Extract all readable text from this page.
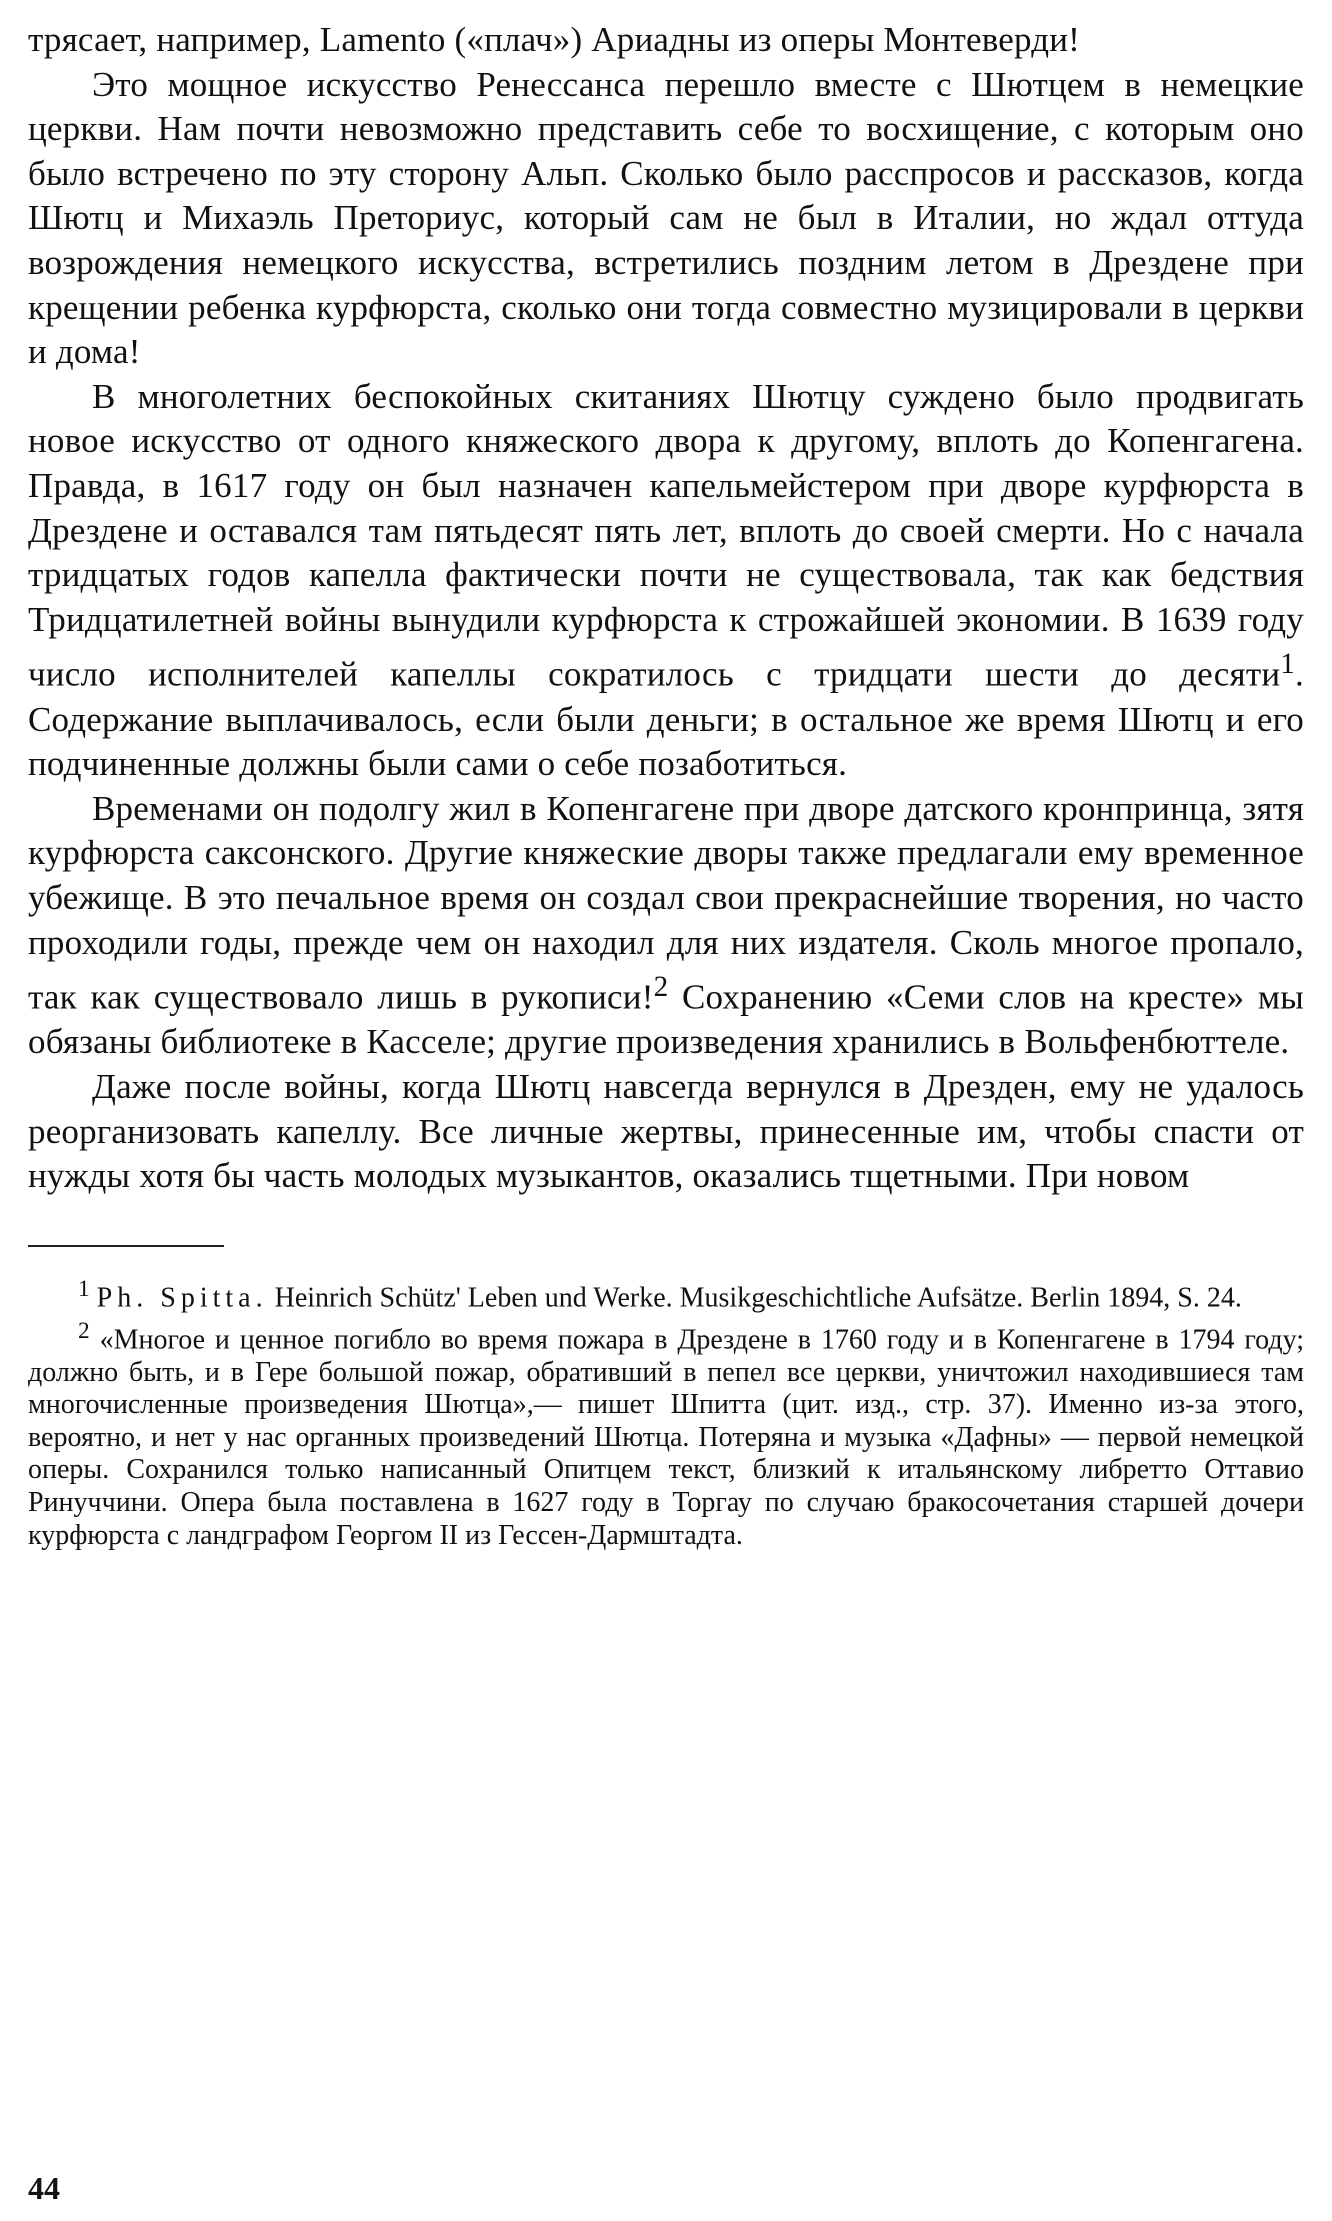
трясает, например, Lamento («плач») Ариадны из оперы Монтеверди!

Это мощное искусство Ренессанса перешло вместе с Шютцем в немецкие церкви. Нам почти невозможно представить себе то восхищение, с которым оно было встречено по эту сторону Альп. Сколько было расспросов и рассказов, когда Шютц и Михаэль Преториус, который сам не был в Италии, но ждал оттуда возрождения немецкого искусства, встретились поздним летом в Дрездене при крещении ребенка курфюрста, сколько они тогда совместно музицировали в церкви и дома!

В многолетних беспокойных скитаниях Шютцу суждено было продвигать новое искусство от одного княжеского двора к другому, вплоть до Копенгагена. Правда, в 1617 году он был назначен капельмейстером при дворе курфюрста в Дрездене и оставался там пятьдесят пять лет, вплоть до своей смерти. Но с начала тридцатых годов капелла фактически почти не существовала, так как бедствия Тридцатилетней войны вынудили курфюрста к строжайшей экономии. В 1639 году число исполнителей капеллы сократилось с тридцати шести до десяти$^1$. Содержание выплачивалось, если были деньги; в остальное же время Шютц и его подчиненные должны были сами о себе позаботиться.

Временами он подолгу жил в Копенгагене при дворе датского кронпринца, зятя курфюрста саксонского. Другие княжеские дворы также предлагали ему временное убежище. В это печальное время он создал свои прекраснейшие творения, но часто проходили годы, прежде чем он находил для них издателя. Сколь многое пропало, так как существовало лишь в рукописи!$^2$ Сохранению «Семи слов на кресте» мы обязаны библиотеке в Касселе; другие произведения хранились в Вольфенбюттеле.

Даже после войны, когда Шютц навсегда вернулся в Дрезден, ему не удалось реорганизовать капеллу. Все личные жертвы, принесенные им, чтобы спасти от нужды хотя бы часть молодых музыкантов, оказались тщетными. При новом

$^1$ Ph. Spitta. Heinrich Schütz' Leben und Werke. Musikgeschichtliche Aufsätze. Berlin 1894, S. 24.

$^2$ «Многое и ценное погибло во время пожара в Дрездене в 1760 году и в Копенгагене в 1794 году; должно быть, и в Гере большой пожар, обративший в пепел все церкви, уничтожил находившиеся там многочисленные произведения Шютца»,— пишет Шпитта (цит. изд., стр. 37). Именно из-за этого, вероятно, и нет у нас органных произведений Шютца. Потеряна и музыка «Дафны» — первой немецкой оперы. Сохранился только написанный Опитцем текст, близкий к итальянскому либретто Оттавио Ринуччини. Опера была поставлена в 1627 году в Торгау по случаю бракосочетания старшей дочери курфюрста с ландграфом Георгом II из Гессен-Дармштадта.

44
